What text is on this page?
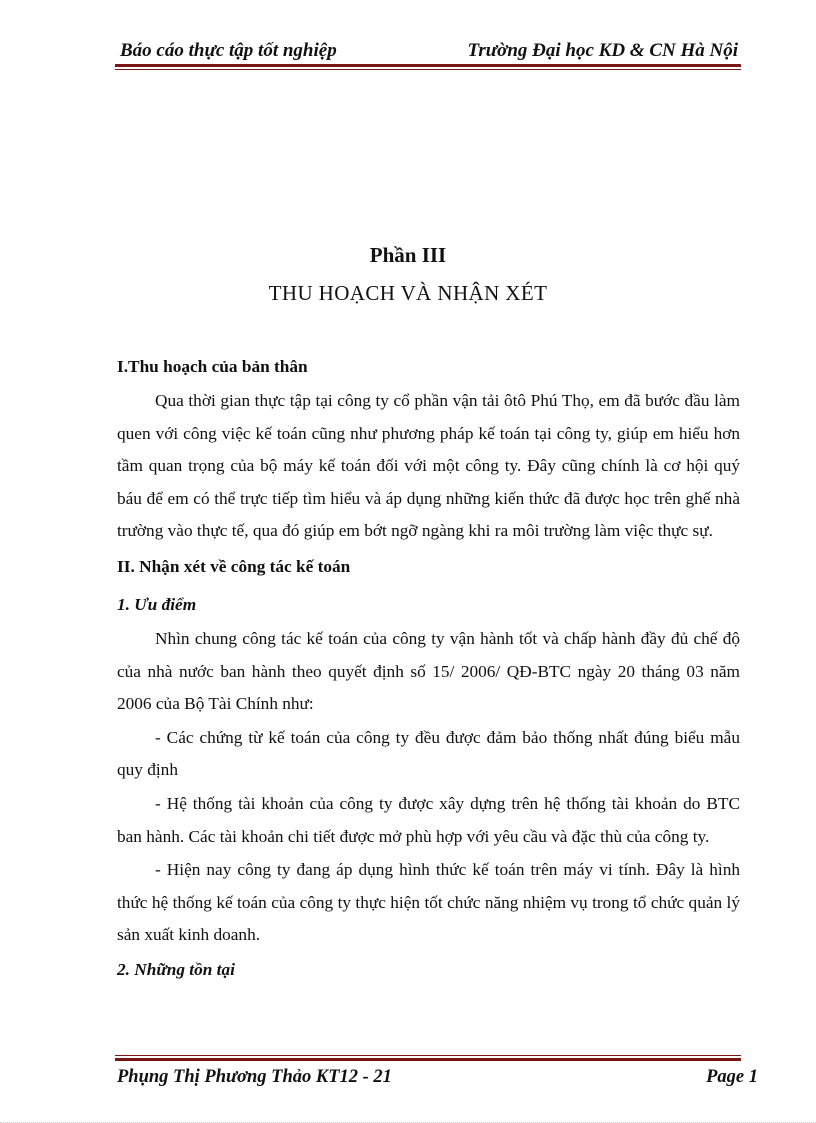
Báo cáo thực tập tốt nghiệp	Trường Đại học KD & CN Hà Nội
Phần III
THU HOẠCH VÀ NHẬN XÉT
I.Thu hoạch của bản thân

Qua thời gian thực tập tại công ty cổ phần vận tải ôtô Phú Thọ, em đã bước đầu làm quen với công việc kế toán cũng như phương pháp kế toán tại công ty, giúp em hiểu hơn tầm quan trọng của bộ máy kế toán đối với một công ty. Đây cũng chính là cơ hội quý báu để em có thể trực tiếp tìm hiểu và áp dụng những kiến thức đã được học trên ghế nhà trường vào thực tế, qua đó giúp em bớt ngỡ ngàng khi ra môi trường làm việc thực sự.

II. Nhận xét về công tác kế toán
1. Ưu điểm

Nhìn chung công tác kế toán của công ty vận hành tốt và chấp hành đầy đủ chế độ của nhà nước ban hành theo quyết định số 15/ 2006/ QĐ-BTC ngày 20 tháng 03 năm 2006 của Bộ Tài Chính như:

- Các chứng từ kế toán của công ty đều được đảm bảo thống nhất đúng biểu mẫu quy định

- Hệ thống tài khoản của công ty được xây dựng trên hệ thống tài khoản do BTC ban hành. Các tài khoản chi tiết được mở phù hợp với yêu cầu và đặc thù của công ty.

- Hiện nay công ty đang áp dụng hình thức kế toán trên máy vi tính. Đây là hình thức hệ thống kế toán của công ty thực hiện tốt chức năng nhiệm vụ trong tổ chức quản lý sản xuất kinh doanh.

2. Những tồn tại
Phụng Thị Phương Thảo KT12 - 21	Page 1
